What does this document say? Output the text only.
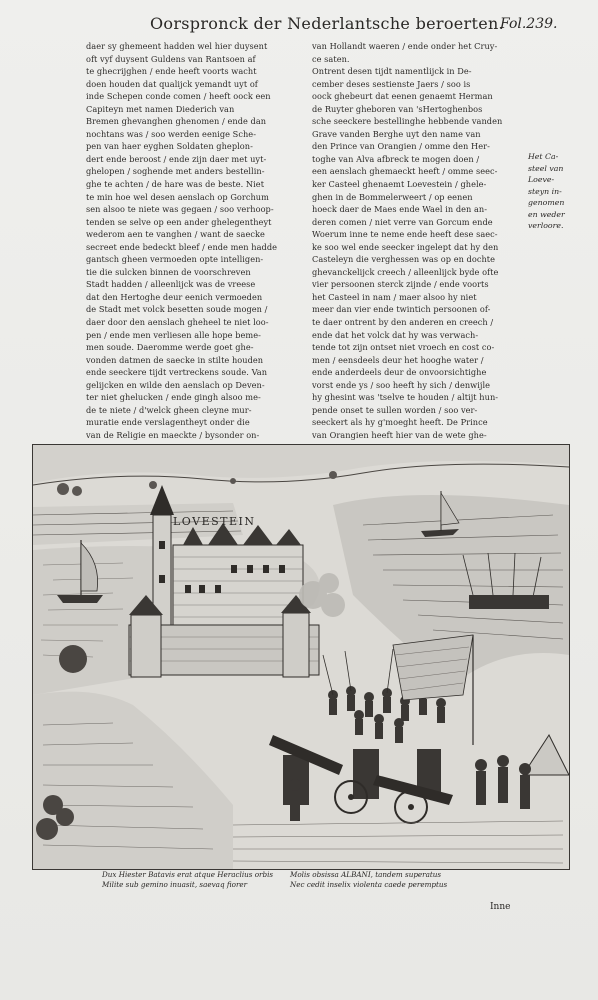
Oorspronck der Nederlantsche beroerten.
Fol.239.
daer sy ghemeent hadden wel hier duysent
oft vyf duysent Guldens van Rantsoen af
te ghecrijghen / ende heeft voorts wacht
doen houden dat qualijck yemandt uyt of
inde Schepen conde comen / heeft oock een
Capiteyn met namen Diederich van
Bremen ghevanghen ghenomen / ende dan
nochtans was / soo werden eenige Sche-
pen van haer eyghen Soldaten gheplon-
dert ende beroost / ende zijn daer met uyt-
ghelopen / soghende met anders bestellin-
ghe te achten / de hare was de beste. Niet
te min hoe wel desen aenslach op Gorchum
sen alsoo te niete was gegaen / soo verhoop-
tenden se selve op een ander ghelegentheyt
wederom aen te vanghen / want de saecke
secreet ende bedeckt bleef / ende men hadde
gantsch gheen vermoeden opte intelligen-
tie die sulcken binnen de voorschreven
Stadt hadden / alleenlijck was de vreese
dat den Hertoghe deur eenich vermoeden
de Stadt met volck besetten soude mogen /
daer door den aenslach gheheel te niet loo-
pen / ende men verliesen alle hope beme-
men soude. Daeromme werde goet ghe-
vonden datmen de saecke in stilte houden
ende seeckere tijdt vertreckens soude. Van
gelijcken en wilde den aenslach op Deven-
ter niet ghelucken / ende gingh alsoo me-
de te niete / d'welck gheen cleyne mur-
muratie ende verslagentheyt onder die
van de Religie en maeckte / bysonder on-
van Hollandt waeren / ende onder het Cruy-
ce saten.
Ontrent desen tijdt namentlijck in De-
cember deses sestienste Jaers / soo is
oock ghebeurt dat eenen genaemt Herman
de Ruyter gheboren van 'sHertoghenbos
sche seeckere bestellinghe hebbende vanden
Grave vanden Berghe uyt den name van
den Prince van Orangien / omme den Her-
toghe van Alva afbreck te mogen doen /
een aenslach ghemaeckt heeft / omme seec-
ker Casteel ghenaemt Loevestein / ghele-
ghen in de Bommelerweert / op eenen
hoeck daer de Maes ende Wael in den an-
deren comen / niet verre van Gorcum ende
Woerum inne te neme ende heeft dese saec-
ke soo wel ende seecker ingelept dat hy den
Casteleyn die verghessen was op en dochte
ghevanckelijck creech / alleenlijck byde ofte
vier persoonen sterck zijnde / ende voorts
het Casteel in nam / maer alsoo hy niet
meer dan vier ende twintich persoonen of-
te daer ontrent by den anderen en creech /
ende dat het volck dat hy was verwach-
tende tot zijn ontset niet vroech en cost co-
men / eensdeels deur het hooghe water /
ende anderdeels deur de onvoorsichtighe
vorst ende ys / soo heeft hy sich / denwijle
hy ghesint was 'tselve te houden / altijt hun-
pende onset te sullen worden / soo ver-
seeckert als hy g'moeght heeft. De Prince
van Orangien heeft hier van de wete ghe-
Het Ca-
steel van
Loeve-
steyn in-
genomen
en weder
verloore.
LOVESTEIN
Dux Hiester Batavis erat atque Heraclius orbis
Milite sub gemino inuasit, saevaq fiorer
Molis obsissa ALBANI, tandem superatus
Nec cedit inselix violenta caede peremptus
Inne
